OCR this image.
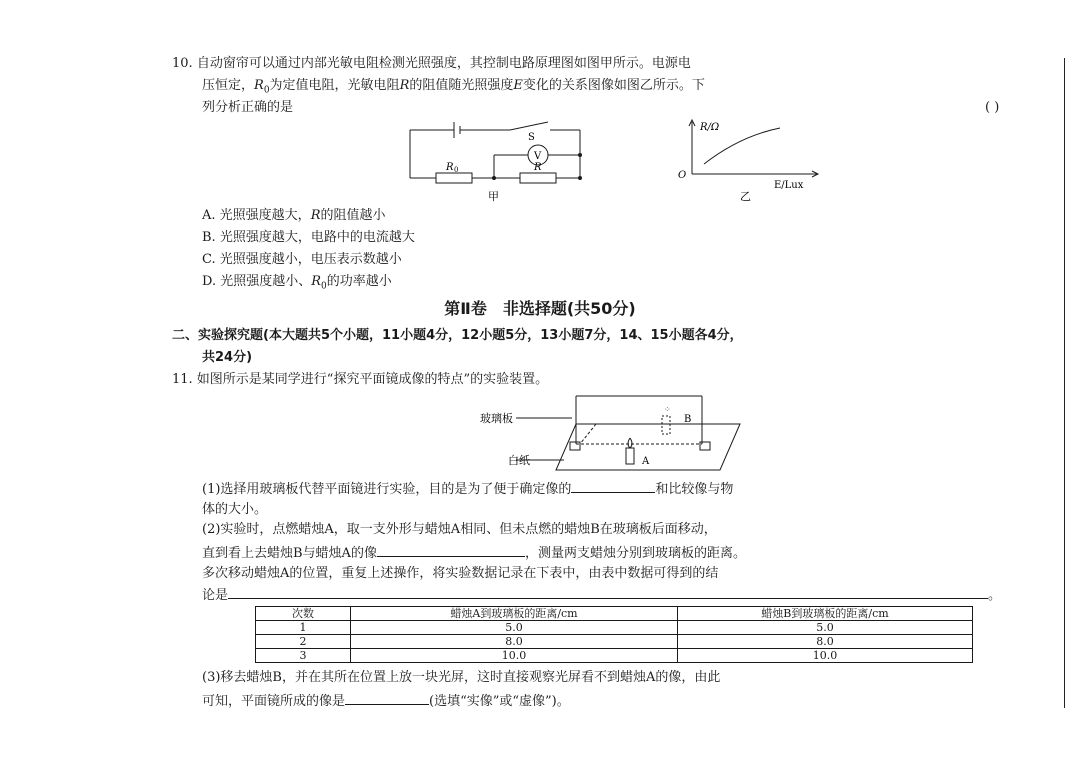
10. 自动窗帘可以通过内部光敏电阻检测光照强度，其控制电路原理图如图甲所示。电源电
压恒定，$R_0$为定值电阻，光敏电阻R的阻值随光照强度E变化的关系图像如图乙所示。下
列分析正确的是	( )
S
V
R 0	R
甲
R/Ω
O
E/Lux
乙
A. 光照强度越大，R的阻值越小
B. 光照强度越大，电路中的电流越大
C. 光照强度越小，电压表示数越小
D. 光照强度越小、$R_0$的功率越小
第Ⅱ卷　非选择题(共50分)
二、实验探究题(本大题共5个小题，11小题4分，12小题5分，13小题7分，14、15小题各4分，
共24分)
11. 如图所示是某同学进行“探究平面镜成像的特点”的实验装置。
⁘
玻璃板
白纸	A
B
(1)选择用玻璃板代替平面镜进行实验，目的是为了便于确定像的	和比较像与物
体的大小。
(2)实验时，点燃蜡烛A，取一支外形与蜡烛A相同、但未点燃的蜡烛B在玻璃板后面移动，
直到看上去蜡烛B与蜡烛A的像	，测量两支蜡烛分别到玻璃板的距离。
多次移动蜡烛A的位置，重复上述操作，将实验数据记录在下表中，由表中数据可得到的结
论是	。
次数	蜡烛A到玻璃板的距离/cm	蜡烛B到玻璃板的距离/cm
1	5.0	5.0
2	8.0	8.0
3	10.0	10.0
(3)移去蜡烛B，并在其所在位置上放一块光屏，这时直接观察光屏看不到蜡烛A的像，由此
可知，平面镜所成的像是	(选填“实像”或“虚像”)。
